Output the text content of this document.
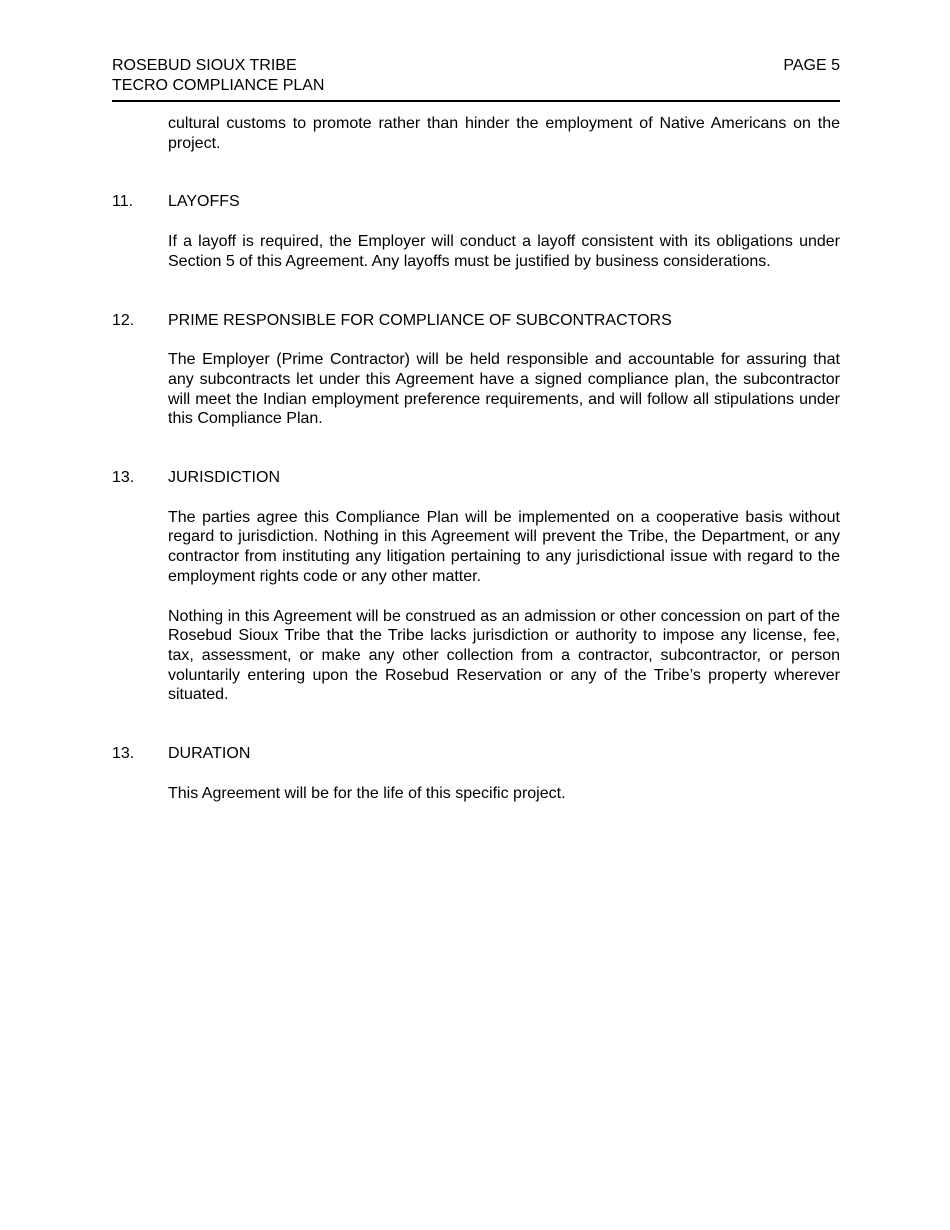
ROSEBUD SIOUX TRIBE
TECRO COMPLIANCE PLAN
PAGE 5

cultural customs to promote rather than hinder the employment of Native Americans on the project.

11.	LAYOFFS

If a layoff is required, the Employer will conduct a layoff consistent with its obligations under Section 5 of this Agreement. Any layoffs must be justified by business considerations.

12.	PRIME RESPONSIBLE FOR COMPLIANCE OF SUBCONTRACTORS

The Employer (Prime Contractor) will be held responsible and accountable for assuring that any subcontracts let under this Agreement have a signed compliance plan, the subcontractor will meet the Indian employment preference requirements, and will follow all stipulations under this Compliance Plan.

13.	JURISDICTION

The parties agree this Compliance Plan will be implemented on a cooperative basis without regard to jurisdiction. Nothing in this Agreement will prevent the Tribe, the Department, or any contractor from instituting any litigation pertaining to any jurisdictional issue with regard to the employment rights code or any other matter.

Nothing in this Agreement will be construed as an admission or other concession on part of the Rosebud Sioux Tribe that the Tribe lacks jurisdiction or authority to impose any license, fee, tax, assessment, or make any other collection from a contractor, subcontractor, or person voluntarily entering upon the Rosebud Reservation or any of the Tribe’s property wherever situated.

13.	DURATION

This Agreement will be for the life of this specific project.
